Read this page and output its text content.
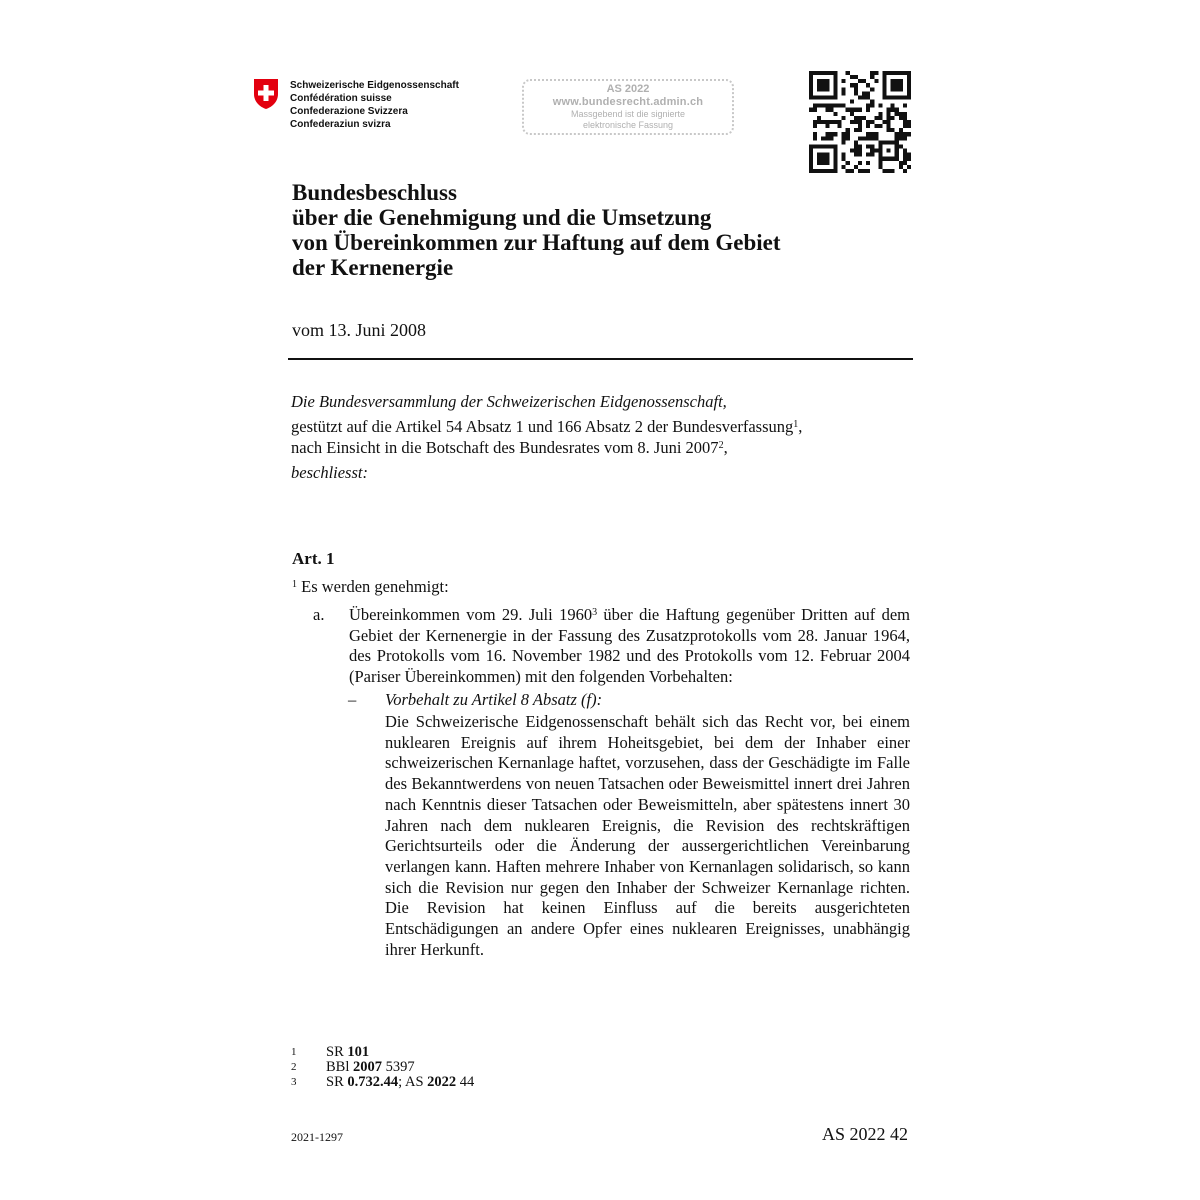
Schweizerische Eidgenossenschaft
Confédération suisse
Confederazione Svizzera
Confederaziun svizra
AS 2022
www.bundesrecht.admin.ch
Massgebend ist die signierte
elektronische Fassung
Bundesbeschluss
über die Genehmigung und die Umsetzung
von Übereinkommen zur Haftung auf dem Gebiet
der Kernenergie
vom 13. Juni 2008
Die Bundesversammlung der Schweizerischen Eidgenossenschaft,
gestützt auf die Artikel 54 Absatz 1 und 166 Absatz 2 der Bundesverfassung$^1$,
nach Einsicht in die Botschaft des Bundesrates vom 8. Juni 2007$^2$,
beschliesst:
Art. 1
$^1$ Es werden genehmigt:
a. Übereinkommen vom 29. Juli 1960$^3$ über die Haftung gegenüber Dritten auf dem Gebiet der Kernenergie in der Fassung des Zusatzprotokolls vom 28. Januar 1964, des Protokolls vom 16. November 1982 und des Protokolls vom 12. Februar 2004 (Pariser Übereinkommen) mit den folgenden Vorbehalten:
– Vorbehalt zu Artikel 8 Absatz (f):
Die Schweizerische Eidgenossenschaft behält sich das Recht vor, bei einem nuklearen Ereignis auf ihrem Hoheitsgebiet, bei dem der Inhaber einer schweizerischen Kernanlage haftet, vorzusehen, dass der Geschädigte im Falle des Bekanntwerdens von neuen Tatsachen oder Beweismittel innert drei Jahren nach Kenntnis dieser Tatsachen oder Beweismitteln, aber spätestens innert 30 Jahren nach dem nuklearen Ereignis, die Revision des rechtskräftigen Gerichtsurteils oder die Änderung der aussergerichtlichen Vereinbarung verlangen kann. Haften mehrere Inhaber von Kernanlagen solidarisch, so kann sich die Revision nur gegen den Inhaber der Schweizer Kernanlage richten. Die Revision hat keinen Einfluss auf die bereits ausgerichteten Entschädigungen an andere Opfer eines nuklearen Ereignisses, unabhängig ihrer Herkunft.
1	SR 101
2	BBl 2007 5397
3	SR 0.732.44; AS 2022 44
2021-1297	AS 2022 42
